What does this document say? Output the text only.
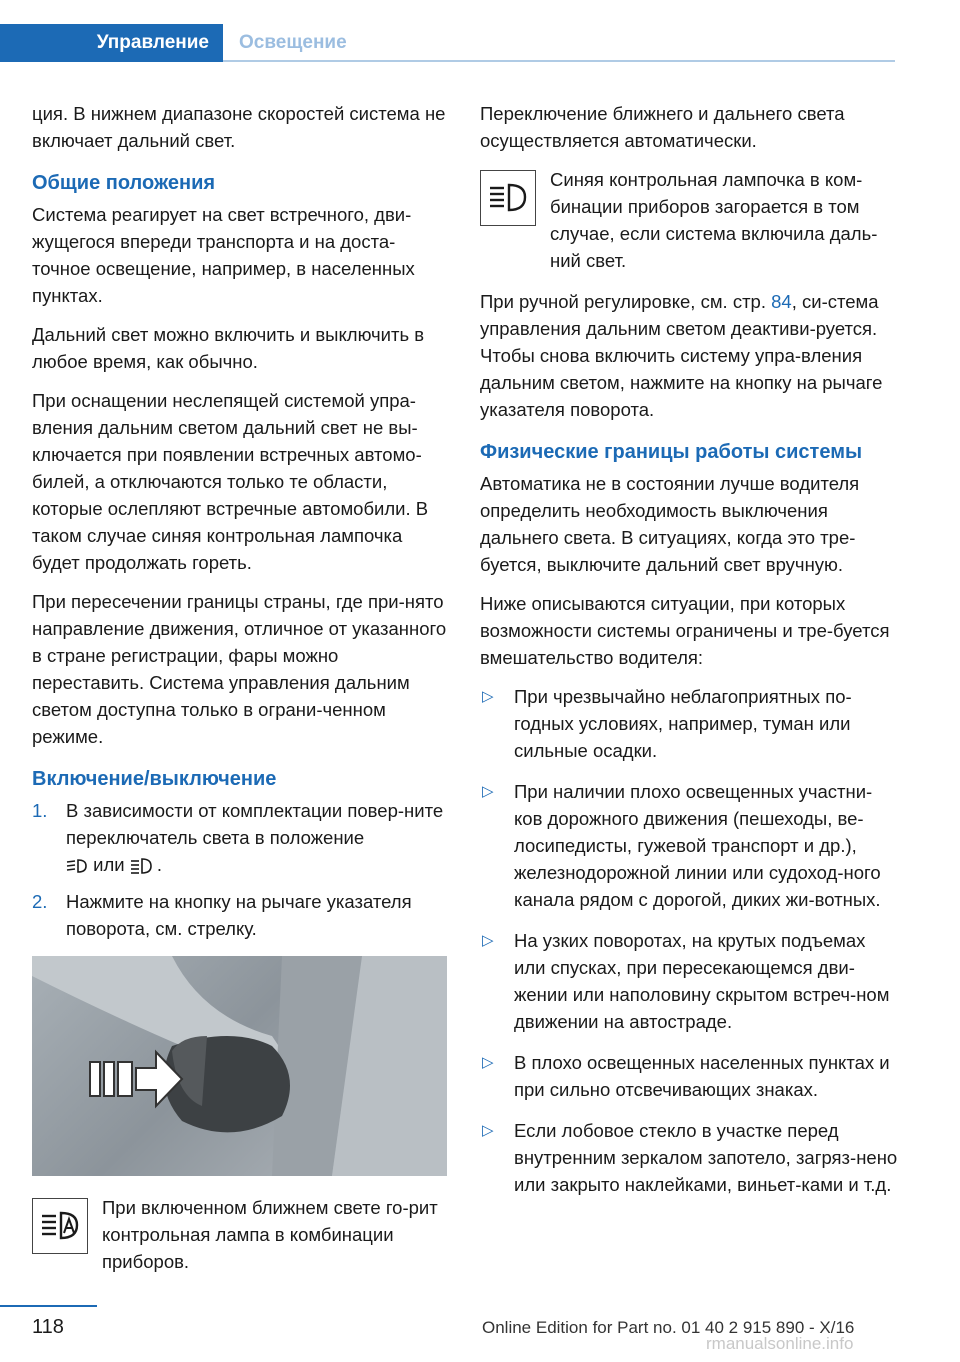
Управление	Освещение

ция. В нижнем диапазоне скоростей система не включает дальний свет.

Общие положения

Система реагирует на свет встречного, дви-жущегося впереди транспорта и на доста-точное освещение, например, в населенных пунктах.

Дальний свет можно включить и выключить в любое время, как обычно.

При оснащении неслепящей системой упра-вления дальним светом дальний свет не вы-ключается при появлении встречных автомо-билей, а отключаются только те области, которые ослепляют встречные автомобили. В таком случае синяя контрольная лампочка будет продолжать гореть.

При пересечении границы страны, где при-нято направление движения, отличное от указанного в стране регистрации, фары можно переставить. Система управления дальним светом доступна только в ограни-ченном режиме.

Включение/выключение
1. В зависимости от комплектации повер-ните переключатель света в положение
или .
2. Нажмите на кнопку на рычаге указателя поворота, см. стрелку.
При включенном ближнем свете го-рит контрольная лампа в комбинации приборов.

Переключение ближнего и дальнего света осуществляется автоматически.

Синяя контрольная лампочка в ком-бинации приборов загорается в том случае, если система включила даль-ний свет.

При ручной регулировке, см. стр. 84, си-стема управления дальним светом деактиви-руется. Чтобы снова включить систему упра-вления дальним светом, нажмите на кнопку на рычаге указателя поворота.

Физические границы работы системы

Автоматика не в состоянии лучше водителя определить необходимость выключения дальнего света. В ситуациях, когда это тре-буется, выключите дальний свет вручную.

Ниже описываются ситуации, при которых возможности системы ограничены и тре-буется вмешательство водителя:

▷ При чрезвычайно неблагоприятных по-годных условиях, например, туман или сильные осадки.
▷ При наличии плохо освещенных участни-ков дорожного движения (пешеходы, ве-лосипедисты, гужевой транспорт и др.), железнодорожной линии или судоход-ного канала рядом с дорогой, диких жи-вотных.
▷ На узких поворотах, на крутых подъемах или спусках, при пересекающемся дви-жении или наполовину скрытом встреч-ном движении на автостраде.
▷ В плохо освещенных населенных пунктах и при сильно отсвечивающих знаках.
▷ Если лобовое стекло в участке перед внутренним зеркалом запотело, загряз-нено или закрыто наклейками, виньет-ками и т.д.
118	Online Edition for Part no. 01 40 2 915 890 - X/16
rmanualsonline.info
